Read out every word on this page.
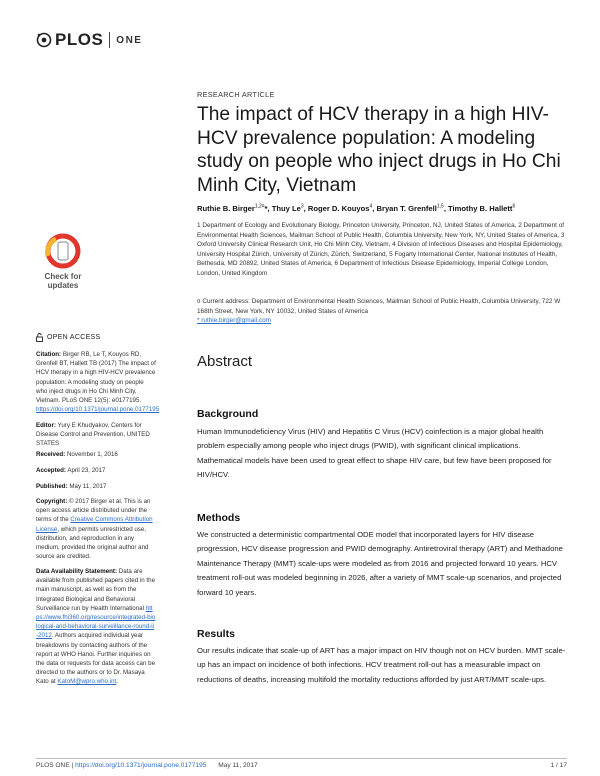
PLOS ONE
Check for
updates
OPEN ACCESS
Citation: Birger RB, Le T, Kouyos RD, Grenfell BT, Hallett TB (2017) The impact of HCV therapy in a high HIV-HCV prevalence population: A modeling study on people who inject drugs in Ho Chi Minh City, Vietnam. PLoS ONE 12(5): e0177195. https://doi.org/10.1371/journal.pone.0177195
Editor: Yury E Khudyakov, Centers for Disease Control and Prevention, UNITED STATES
Received: November 1, 2016
Accepted: April 23, 2017
Published: May 11, 2017
Copyright: © 2017 Birger et al. This is an open access article distributed under the terms of the Creative Commons Attribution License, which permits unrestricted use, distribution, and reproduction in any medium, provided the original author and source are credited.
Data Availability Statement: Data are available from published papers cited in the main manuscript, as well as from the Integrated Biological and Behavioral Surveillance run by Health International https://www.fhi360.org/resource/integrated-biological-and-behavioral-surveillance-round-ii-2012. Authors acquired individual year breakdowns by contacting authors of the report at WHO Hanoi. Further inquiries on the data or requests for data access can be directed to the authors or to Dr. Masaya Kato at KatoM@wpro.who.int.
RESEARCH ARTICLE
The impact of HCV therapy in a high HIV-HCV prevalence population: A modeling study on people who inject drugs in Ho Chi Minh City, Vietnam
Ruthie B. Birger$^{1,2¤}$*, Thuy Le$^3$, Roger D. Kouyos$^4$, Bryan T. Grenfell$^{1,5}$, Timothy B. Hallett$^6$
1 Department of Ecology and Evolutionary Biology, Princeton University, Princeton, NJ, United States of America, 2 Department of Environmental Health Sciences, Mailman School of Public Health, Columbia University, New York, NY, United States of America, 3 Oxford University Clinical Research Unit, Ho Chi Minh City, Vietnam, 4 Division of Infectious Diseases and Hospital Epidemiology, University Hospital Zürich, University of Zürich, Zürich, Switzerland, 5 Fogarty International Center, National Institutes of Health, Bethesda, MD 20892, United States of America, 6 Department of Infectious Disease Epidemiology, Imperial College London, London, United Kingdom
¤ Current address: Department of Environmental Health Sciences, Mailman School of Public Health, Columbia University, 722 W 168th Street, New York, NY 10032, United States of America
* ruthie.birger@gmail.com
Abstract
Background
Human Immunodeficiency Virus (HIV) and Hepatitis C Virus (HCV) coinfection is a major global health problem especially among people who inject drugs (PWID), with significant clinical implications. Mathematical models have been used to great effect to shape HIV care, but few have been proposed for HIV/HCV.
Methods
We constructed a deterministic compartmental ODE model that incorporated layers for HIV disease progression, HCV disease progression and PWID demography. Antiretroviral therapy (ART) and Methadone Maintenance Therapy (MMT) scale-ups were modeled as from 2016 and projected forward 10 years. HCV treatment roll-out was modeled beginning in 2026, after a variety of MMT scale-up scenarios, and projected forward 10 years.
Results
Our results indicate that scale-up of ART has a major impact on HIV though not on HCV burden. MMT scale-up has an impact on incidence of both infections. HCV treatment roll-out has a measurable impact on reductions of deaths, increasing multifold the mortality reductions afforded by just ART/MMT scale-ups.
PLOS ONE | https://doi.org/10.1371/journal.pone.0177195 May 11, 2017	1 / 17
